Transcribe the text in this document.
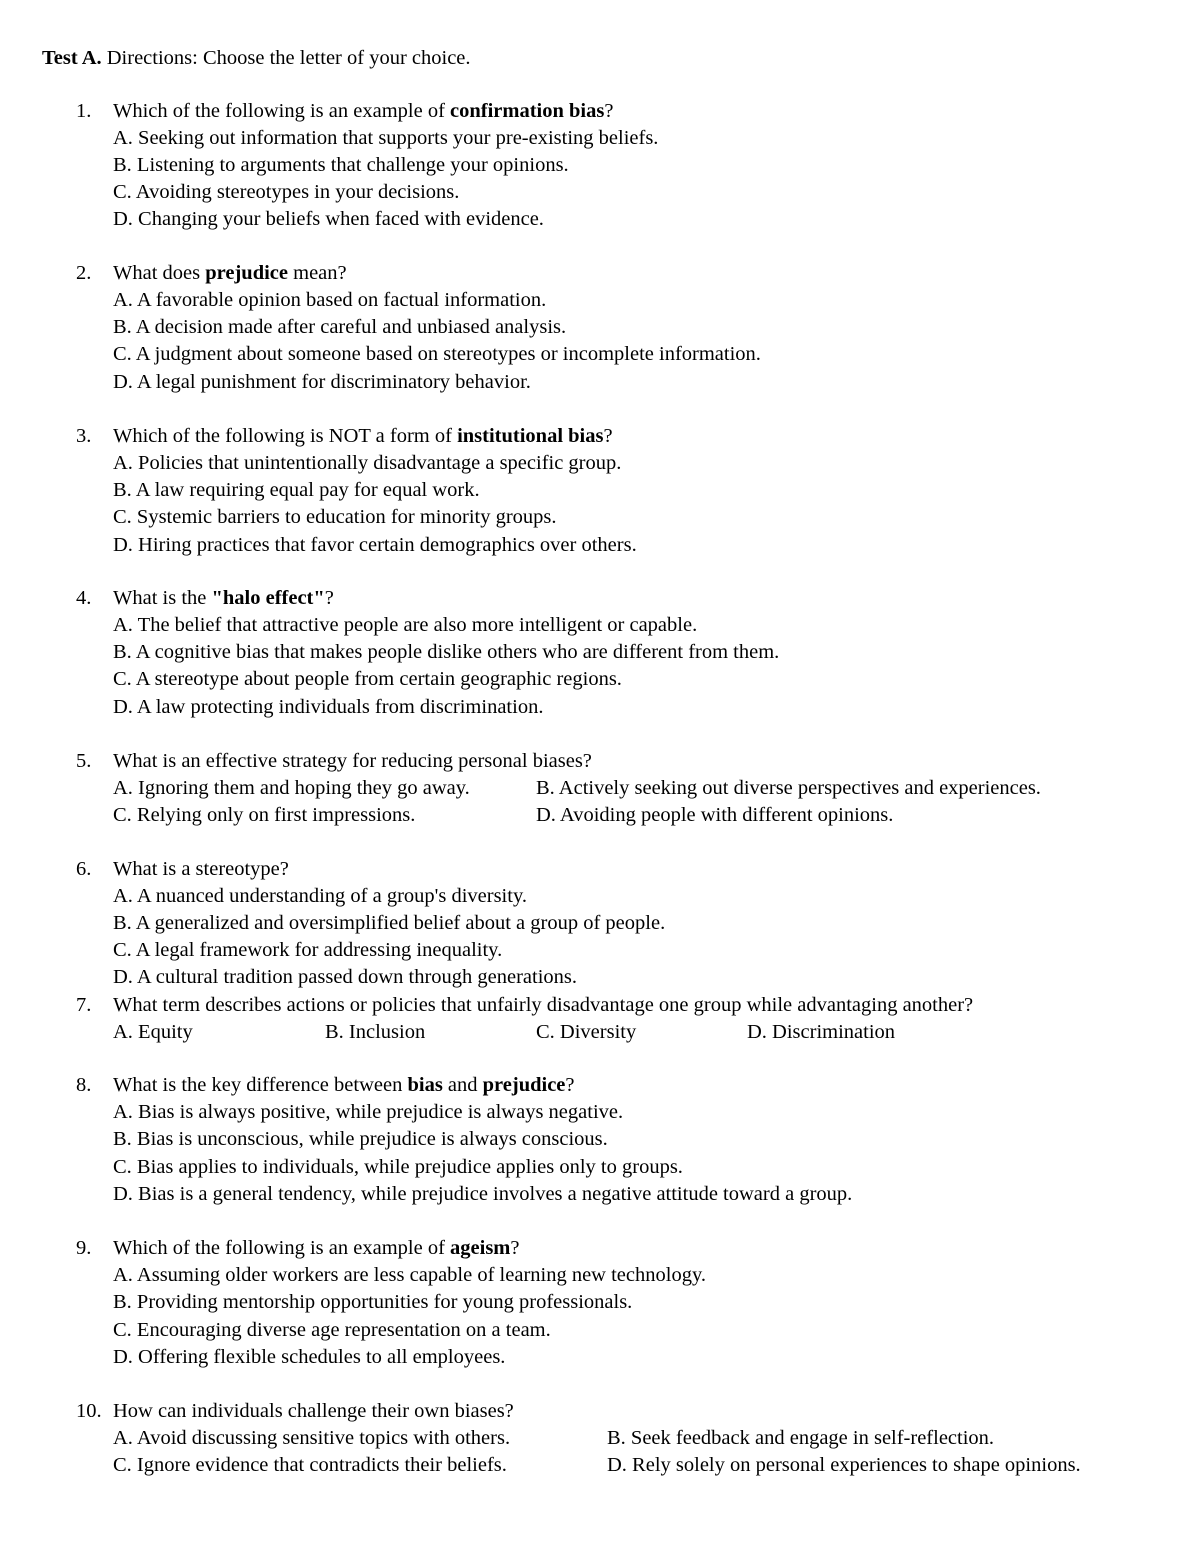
Test A. Directions: Choose the letter of your choice.
1. Which of the following is an example of confirmation bias?
A. Seeking out information that supports your pre-existing beliefs.
B. Listening to arguments that challenge your opinions.
C. Avoiding stereotypes in your decisions.
D. Changing your beliefs when faced with evidence.
2. What does prejudice mean?
A. A favorable opinion based on factual information.
B. A decision made after careful and unbiased analysis.
C. A judgment about someone based on stereotypes or incomplete information.
D. A legal punishment for discriminatory behavior.
3. Which of the following is NOT a form of institutional bias?
A. Policies that unintentionally disadvantage a specific group.
B. A law requiring equal pay for equal work.
C. Systemic barriers to education for minority groups.
D. Hiring practices that favor certain demographics over others.
4. What is the "halo effect"?
A. The belief that attractive people are also more intelligent or capable.
B. A cognitive bias that makes people dislike others who are different from them.
C. A stereotype about people from certain geographic regions.
D. A law protecting individuals from discrimination.
5. What is an effective strategy for reducing personal biases?
A. Ignoring them and hoping they go away.	B. Actively seeking out diverse perspectives and experiences.
C. Relying only on first impressions.	D. Avoiding people with different opinions.
6. What is a stereotype?
A. A nuanced understanding of a group's diversity.
B. A generalized and oversimplified belief about a group of people.
C. A legal framework for addressing inequality.
D. A cultural tradition passed down through generations.
7. What term describes actions or policies that unfairly disadvantage one group while advantaging another?
A. Equity	B. Inclusion	C. Diversity	D. Discrimination
8. What is the key difference between bias and prejudice?
A. Bias is always positive, while prejudice is always negative.
B. Bias is unconscious, while prejudice is always conscious.
C. Bias applies to individuals, while prejudice applies only to groups.
D. Bias is a general tendency, while prejudice involves a negative attitude toward a group.
9. Which of the following is an example of ageism?
A. Assuming older workers are less capable of learning new technology.
B. Providing mentorship opportunities for young professionals.
C. Encouraging diverse age representation on a team.
D. Offering flexible schedules to all employees.
10. How can individuals challenge their own biases?
A. Avoid discussing sensitive topics with others.	B. Seek feedback and engage in self-reflection.
C. Ignore evidence that contradicts their beliefs.	D. Rely solely on personal experiences to shape opinions.
